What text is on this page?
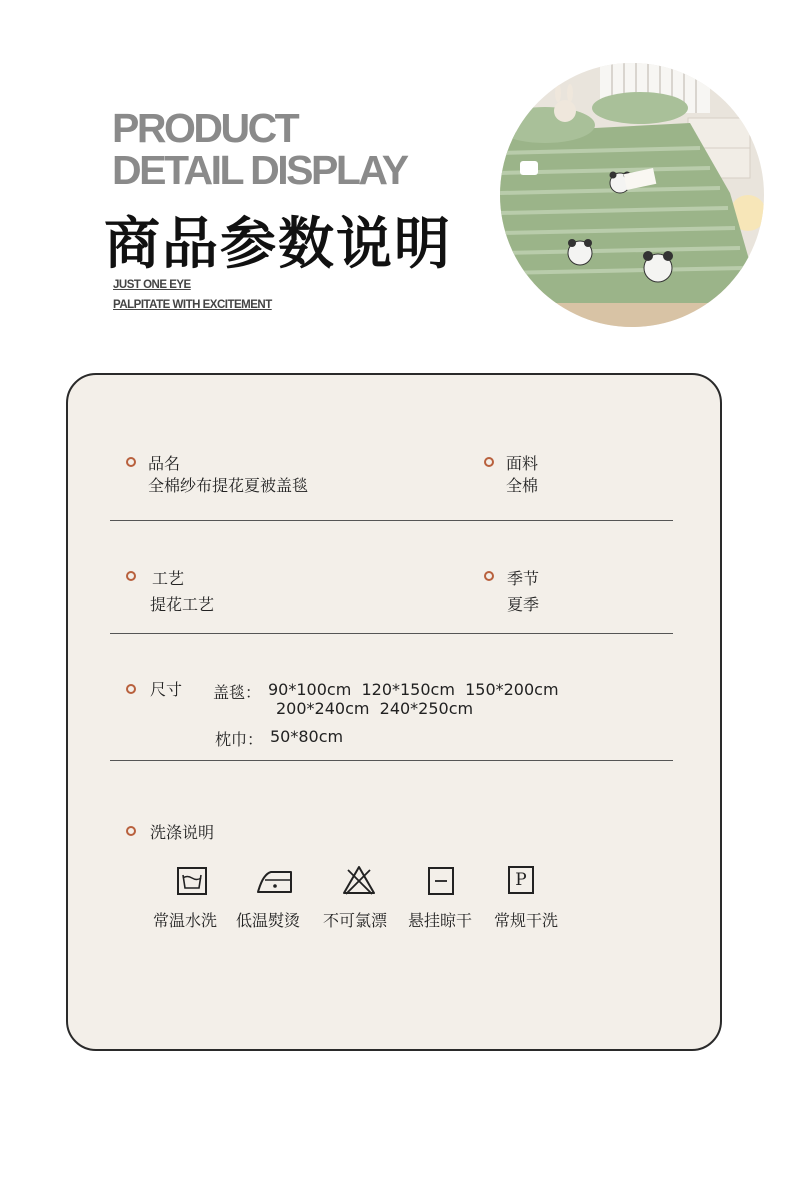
PRODUCT
DETAIL DISPLAY
商品参数说明
JUST ONE EYE
PALPITATE WITH EXCITEMENT
品名
全棉纱布提花夏被盖毯
面料
全棉
工艺
提花工艺
季节
夏季
尺寸 盖毯： 90*100cm  120*150cm  150*200cm
200*240cm  240*250cm
枕巾： 50*80cm
洗涤说明
P
常温水洗 低温熨烫 不可氯漂 悬挂晾干 常规干洗
